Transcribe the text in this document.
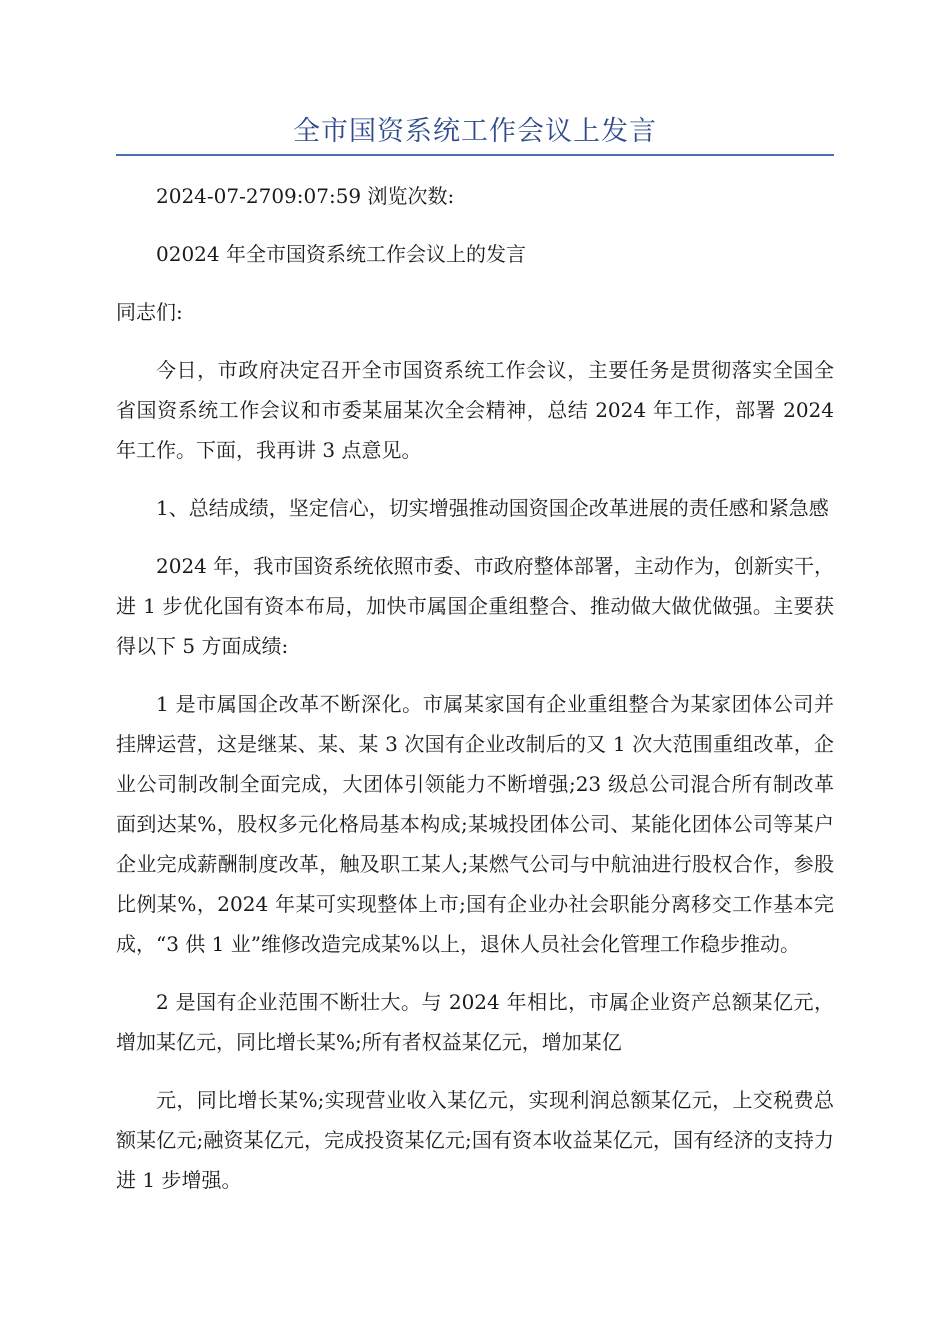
全市国资系统工作会议上发言

2024-07-2709:07:59 浏览次数:

02024 年全市国资系统工作会议上的发言

同志们:

今日，市政府决定召开全市国资系统工作会议，主要任务是贯彻落实全国全省国资系统工作会议和市委某届某次全会精神，总结 2024 年工作，部署 2024 年工作。下面，我再讲 3 点意见。

1、总结成绩，坚定信心，切实增强推动国资国企改革进展的责任感和紧急感

2024 年，我市国资系统依照市委、市政府整体部署，主动作为，创新实干，进 1 步优化国有资本布局，加快市属国企重组整合、推动做大做优做强。主要获得以下 5 方面成绩:

1 是市属国企改革不断深化。市属某家国有企业重组整合为某家团体公司并挂牌运营，这是继某、某、某 3 次国有企业改制后的又 1 次大范围重组改革，企业公司制改制全面完成，大团体引领能力不断增强;23 级总公司混合所有制改革面到达某%，股权多元化格局基本构成;某城投团体公司、某能化团体公司等某户企业完成薪酬制度改革，触及职工某人;某燃气公司与中航油进行股权合作，参股比例某%，2024 年某可实现整体上市;国有企业办社会职能分离移交工作基本完成，“3 供 1 业”维修改造完成某%以上，退休人员社会化管理工作稳步推动。

2 是国有企业范围不断壮大。与 2024 年相比，市属企业资产总额某亿元，增加某亿元，同比增长某%;所有者权益某亿元，增加某亿

元，同比增长某%;实现营业收入某亿元，实现利润总额某亿元，上交税费总额某亿元;融资某亿元，完成投资某亿元;国有资本收益某亿元，国有经济的支持力进 1 步增强。
